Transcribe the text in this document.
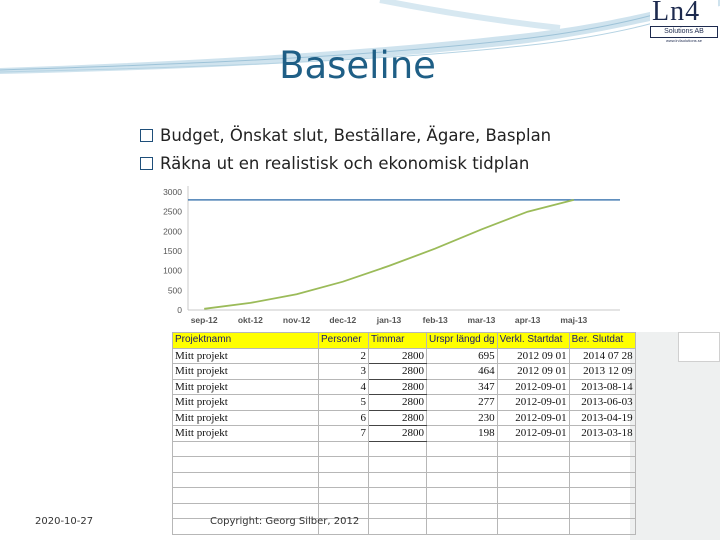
Ln4
Solutions AB
www.ln4solutions.se
Baseline
Budget, Önskat slut, Beställare, Ägare, Basplan
Räkna ut en realistisk och ekonomisk tidplan
0
500
1000
1500
2000
2500
3000
sep-12 okt-12 nov-12 dec-12 jan-13	feb-13 mar-13 apr-13 maj-13
Projektnamn	Personer	Timmar	Urspr längd dg	Verkl. Startdat	Ber. Slutdat
Mitt projekt	2	2800	695	2012 09 01	2014 07 28
Mitt projekt	3	2800	464	2012 09 01	2013 12 09
Mitt projekt	4	2800	347	2012-09-01	2013-08-14
Mitt projekt	5	2800	277	2012-09-01	2013-06-03
Mitt projekt	6	2800	230	2012-09-01	2013-04-19
Mitt projekt	7	2800	198	2012-09-01	2013-03-18

2020-10-27	Copyright: Georg Silber, 2012
